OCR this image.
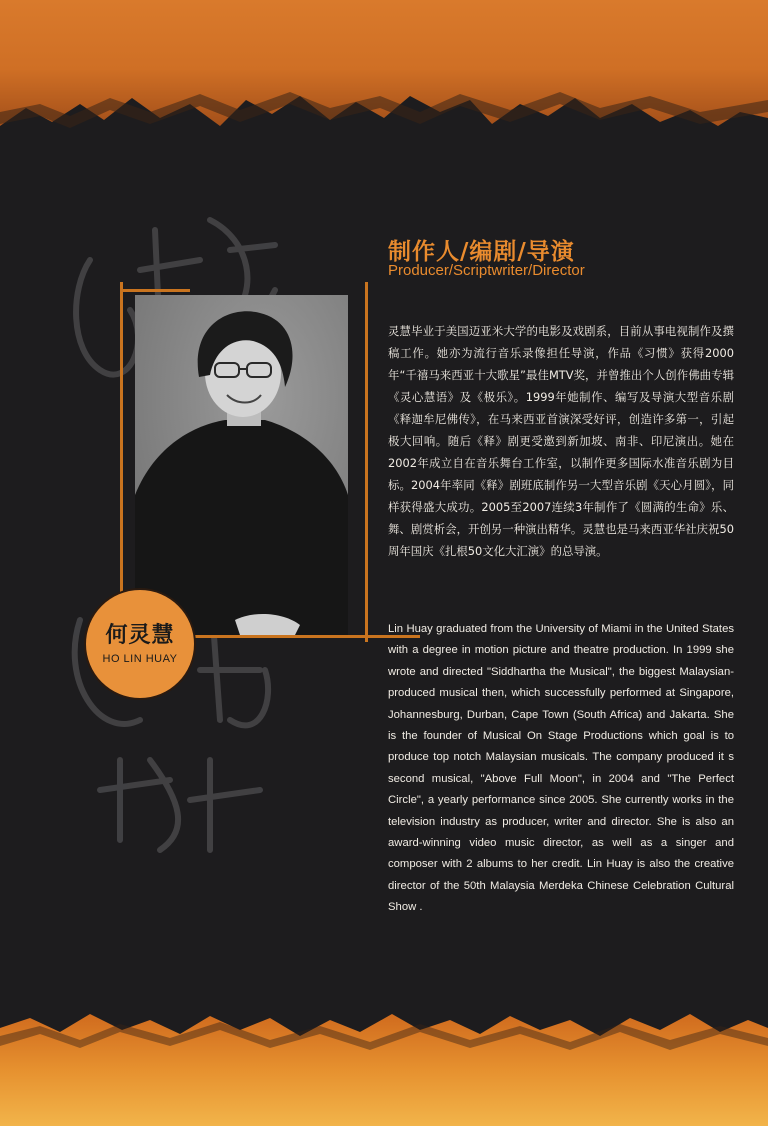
何灵慧
HO LIN HUAY
制作人/编剧/导演
Producer/Scriptwriter/Director
灵慧毕业于美国迈亚米大学的电影及戏剧系，目前从事电视制作及撰稿工作。她亦为流行音乐录像担任导演，作品《习惯》获得2000年“千禧马来西亚十大歌星”最佳MTV奖，并曾推出个人创作佛曲专辑《灵心慧语》及《极乐》。1999年她制作、编写及导演大型音乐剧《释迦牟尼佛传》，在马来西亚首演深受好评，创造许多第一，引起极大回响。随后《释》剧更受邀到新加坡、南非、印尼演出。她在2002年成立自在音乐舞台工作室，以制作更多国际水准音乐剧为目标。2004年率同《释》剧班底制作另一大型音乐剧《天心月圆》，同样获得盛大成功。2005至2007连续3年制作了《圆满的生命》乐、舞、剧赏析会，开创另一种演出精华。灵慧也是马来西亚华社庆祝50周年国庆《扎根50文化大汇演》的总导演。
Lin Huay graduated from the University of Miami in the United States with a degree in motion picture and theatre production. In 1999 she wrote and directed "Siddhartha the Musical", the biggest Malaysian-produced musical then, which successfully performed at Singapore, Johannesburg, Durban, Cape Town (South Africa) and Jakarta. She is the founder of Musical On Stage Productions which goal is to produce top notch Malaysian musicals. The company produced it s second musical, "Above Full Moon", in 2004 and "The Perfect Circle", a yearly performance since 2005. She currently works in the television industry as producer, writer and director. She is also an award-winning video music director, as well as a singer and composer with 2 albums to her credit. Lin Huay is also the creative director of the 50th Malaysia Merdeka Chinese Celebration Cultural Show .
